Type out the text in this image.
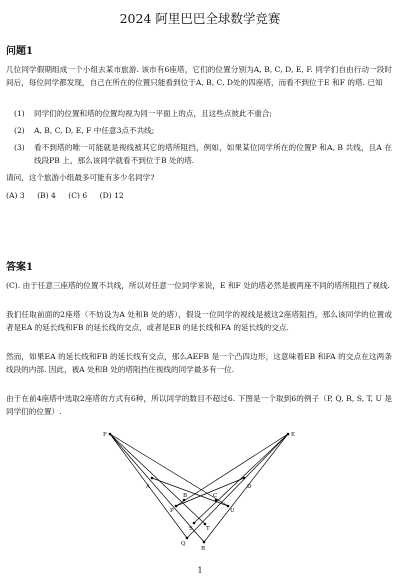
2024 阿里巴巴全球数学竞赛
问题1
几位同学假期组成一个小组去某市旅游. 该市有6座塔，它们的位置分别为A, B, C, D, E, F. 同学们自由行动一段时间后，每位同学都发现，自己在所在的位置只能看到位于A, B, C, D处的四座塔，而看不到位于E 和F 的塔. 已知
(1)	同学们的位置和塔的位置均视为同一平面上的点，且这些点彼此不重合;
(2)	A, B, C, D, E, F 中任意3点不共线;
(3)	看不到塔的唯一可能就是视线被其它的塔所阻挡，例如，如果某位同学所在的位置P 和A, B 共线，且A 在线段PB 上，那么该同学就看不到位于B 处的塔.
请问，这个旅游小组最多可能有多少名同学?
(A) 3 (B) 4 (C) 6 (D) 12
答案1
(C). 由于任意三座塔的位置不共线，所以对任意一位同学来说，E 和F 处的塔必然是被两座不同的塔所阻挡了视线.
我们任取前面的2座塔（不妨设为A 处和B 处的塔），假设一位同学的视线是被这2座塔阻挡，那么该同学的位置或者是EA 的延长线和FB 的延长线的交点，或者是EB 的延长线和FA 的延长线的交点.
然而，如果EA 的延长线和FB 的延长线有交点，那么AEFB 是一个凸四边形，这意味着EB 和FA 的交点在这两条线段的内部. 因此，被A 处和B 处的塔阻挡住视线的同学最多有一位.
由于在前4座塔中选取2座塔的方式有6种，所以同学的数目不超过6. 下图是一个取到6的例子（P, Q, R, S, T, U 是同学们的位置）.
F	E
A	D
B	C
P	U
S T
Q
R
1
